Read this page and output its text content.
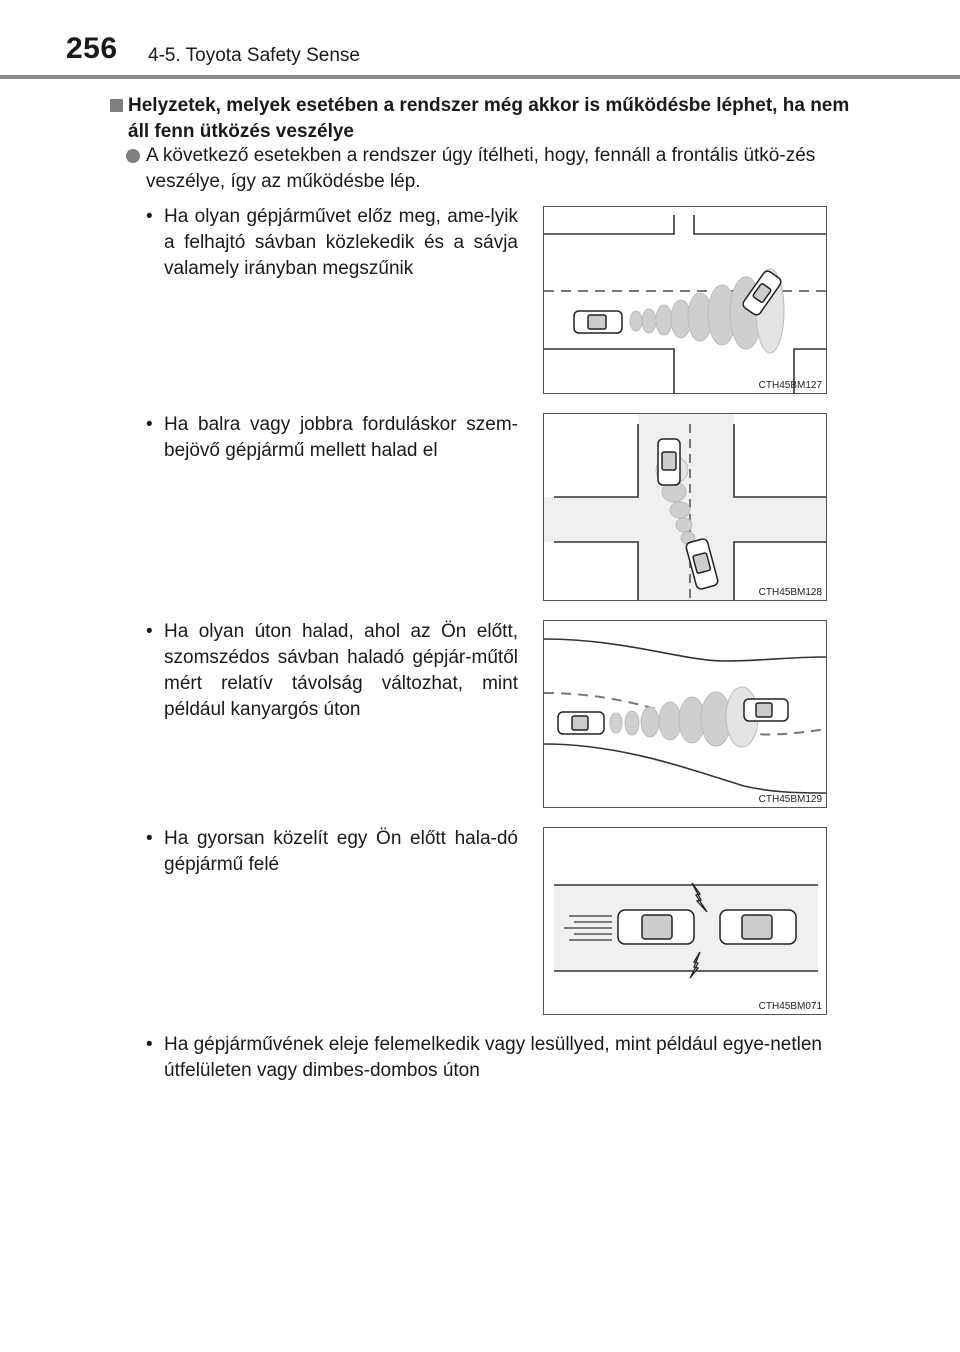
256 4-5. Toyota Safety Sense
Helyzetek, melyek esetében a rendszer még akkor is működésbe léphet, ha nem áll fenn ütközés veszélye
A következő esetekben a rendszer úgy ítélheti, hogy, fennáll a frontális ütkö-zés veszélye, így az működésbe lép.
• Ha olyan gépjárművet előz meg, ame-lyik a felhajtó sávban közlekedik és a sávja valamely irányban megszűnik
CTH45BM127
• Ha balra vagy jobbra forduláskor szem-bejövő gépjármű mellett halad el
CTH45BM128
• Ha olyan úton halad, ahol az Ön előtt, szomszédos sávban haladó gépjár-műtől mért relatív távolság változhat, mint például kanyargós úton
CTH45BM129
• Ha gyorsan közelít egy Ön előtt hala-dó gépjármű felé
CTH45BM071
• Ha gépjárművének eleje felemelkedik vagy lesüllyed, mint például egye-netlen útfelületen vagy dimbes-dombos úton
